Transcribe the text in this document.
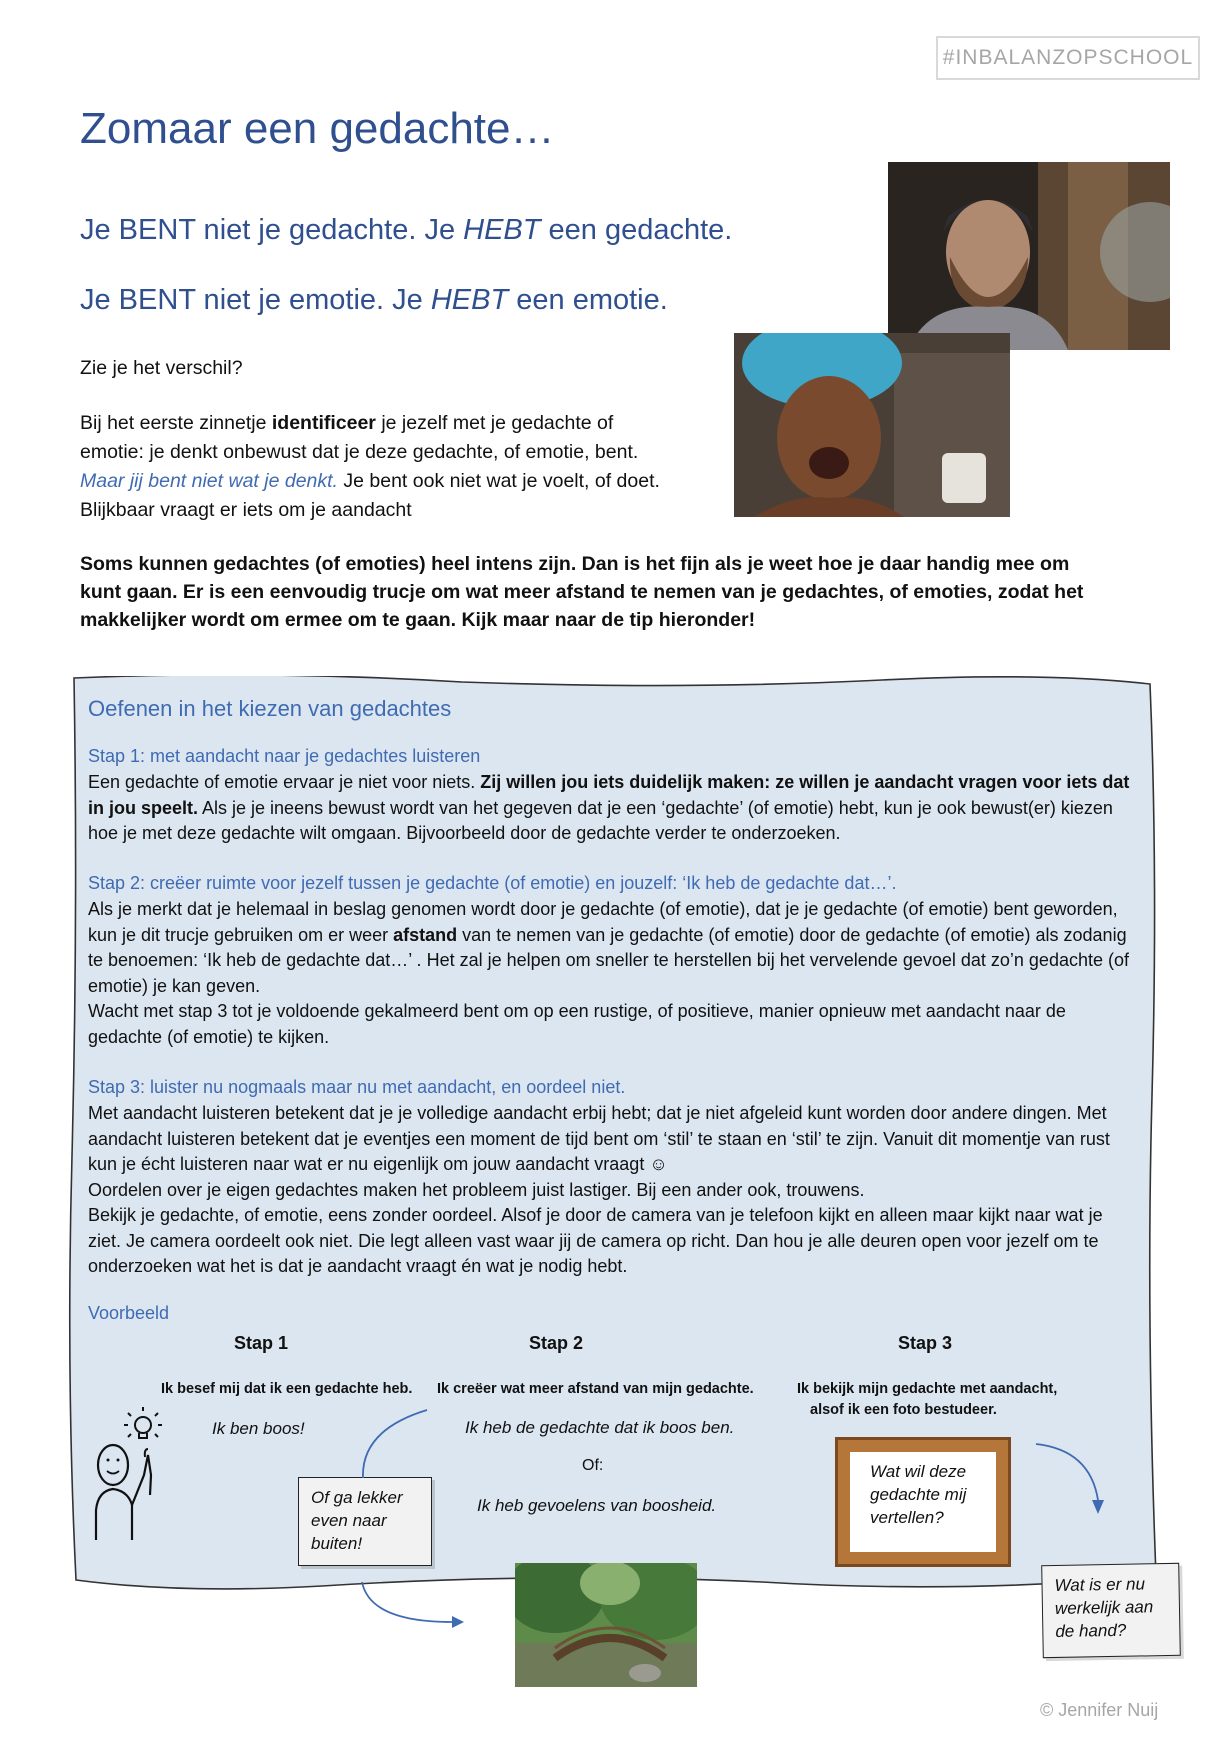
#INBALANZOPSCHOOL
Zomaar een gedachte…
Je BENT niet je gedachte. Je HEBT een gedachte.
Je BENT niet je emotie. Je HEBT een emotie.
Zie je het verschil?
Bij het eerste zinnetje identificeer je jezelf met je gedachte of emotie: je denkt onbewust dat je deze gedachte, of emotie, bent. Maar jij bent niet wat je denkt. Je bent ook niet wat je voelt, of doet. Blijkbaar vraagt er iets om je aandacht
Soms kunnen gedachtes (of emoties) heel intens zijn. Dan is het fijn als je weet hoe je daar handig mee om kunt gaan. Er is een eenvoudig trucje om wat meer afstand te nemen van je gedachtes, of emoties, zodat het makkelijker wordt om ermee om te gaan. Kijk maar naar de tip hieronder!
Oefenen in het kiezen van gedachtes
Stap 1: met aandacht naar je gedachtes luisteren
Een gedachte of emotie ervaar je niet voor niets. Zij willen jou iets duidelijk maken: ze willen je aandacht vragen voor iets dat in jou speelt. Als je je ineens bewust wordt van het gegeven dat je een ‘gedachte’ (of emotie) hebt, kun je ook bewust(er) kiezen hoe je met deze gedachte wilt omgaan. Bijvoorbeeld door de gedachte verder te onderzoeken.
Stap 2: creëer ruimte voor jezelf tussen je gedachte (of emotie) en jouzelf: ‘Ik heb de gedachte dat…’.
Als je merkt dat je helemaal in beslag genomen wordt door je gedachte (of emotie), dat je je gedachte (of emotie) bent geworden, kun je dit trucje gebruiken om er weer afstand van te nemen van je gedachte (of emotie) door de gedachte (of emotie) als zodanig te benoemen: ‘Ik heb de gedachte dat…’ . Het zal je helpen om sneller te herstellen bij het vervelende gevoel dat zo’n gedachte (of emotie) je kan geven.
Wacht met stap 3 tot je voldoende gekalmeerd bent om op een rustige, of positieve, manier opnieuw met aandacht naar de gedachte (of emotie) te kijken.
Stap 3: luister nu nogmaals maar nu met aandacht, en oordeel niet.
Met aandacht luisteren betekent dat je je volledige aandacht erbij hebt; dat je niet afgeleid kunt worden door andere dingen. Met aandacht luisteren betekent dat je eventjes een moment de tijd bent om ‘stil’ te staan en ‘stil’ te zijn. Vanuit dit momentje van rust kun je écht luisteren naar wat er nu eigenlijk om jouw aandacht vraagt ☺
Oordelen over je eigen gedachtes maken het probleem juist lastiger. Bij een ander ook, trouwens.
Bekijk je gedachte, of emotie, eens zonder oordeel. Alsof je door de camera van je telefoon kijkt en alleen maar kijkt naar wat je ziet. Je camera oordeelt ook niet. Die legt alleen vast waar jij de camera op richt. Dan hou je alle deuren open voor jezelf om te onderzoeken wat het is dat je aandacht vraagt én wat je nodig hebt.
Voorbeeld
Stap 1	Stap 2	Stap 3
Ik besef mij dat ik een gedachte heb.
Ik ben boos!
Ik creëer wat meer afstand van mijn gedachte.
Ik heb de gedachte dat ik boos ben.
Of:
Ik heb gevoelens van boosheid.
Ik bekijk mijn gedachte met aandacht,
alsof ik een foto bestudeer.
Of ga lekker even naar buiten!
Wat wil deze gedachte mij vertellen?
Wat is er nu werkelijk aan de hand?
© Jennifer Nuij
